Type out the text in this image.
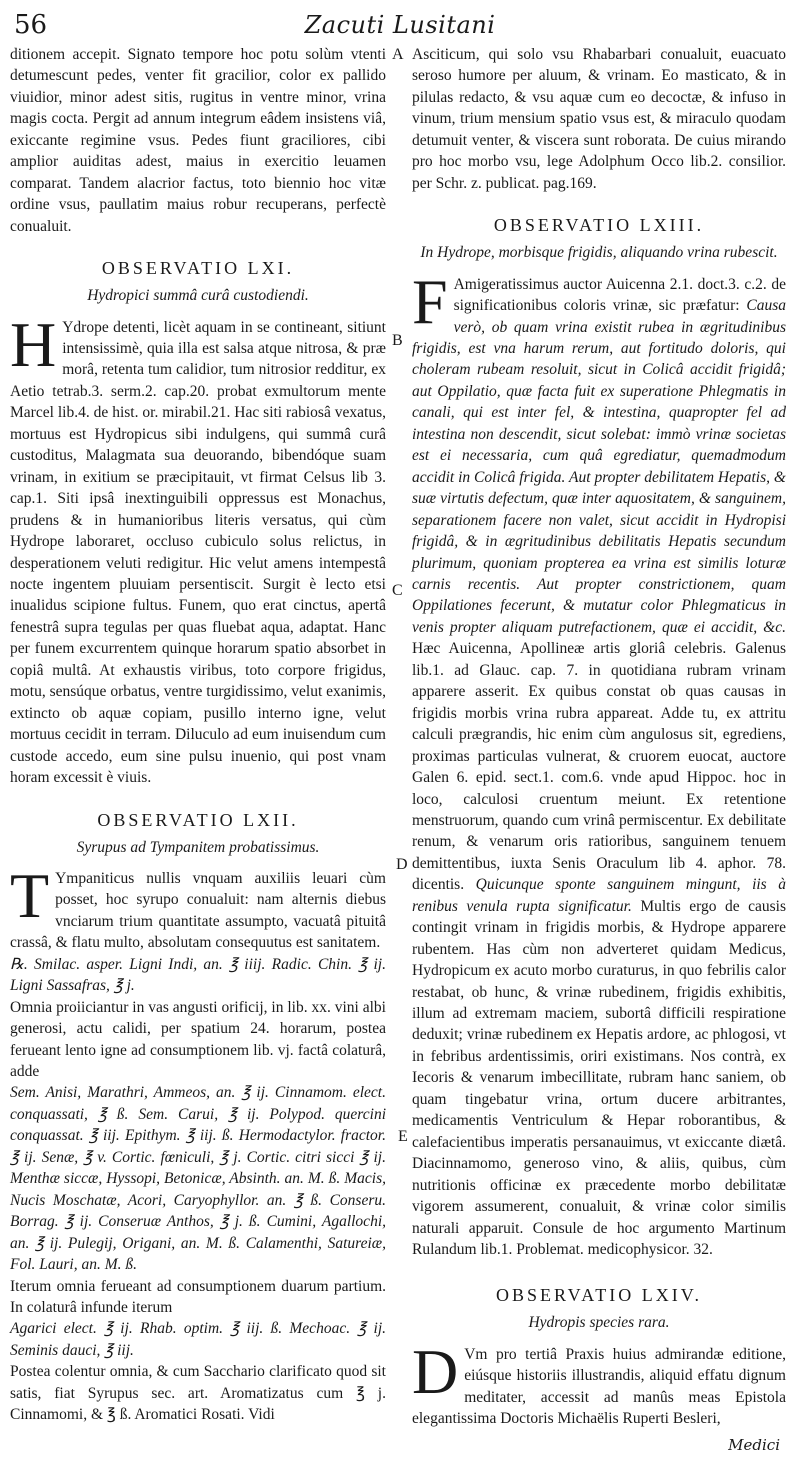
56	Zacuti Lusitani
A
B
C
D
E

ditionem accepit. Signato tempore hoc potu solùm vtenti detumescunt pedes, venter fit gracilior, color ex pallido viuidior, minor adest sitis, rugitus in ventre minor, vrina magis cocta. Pergit ad annum integrum eâdem insistens viâ, exiccante regimine vsus. Pedes fiunt graciliores, cibi amplior auiditas adest, maius in exercitio leuamen comparat. Tandem alacrior factus, toto biennio hoc vitæ ordine vsus, paullatim maius robur recuperans, perfectè conualuit.

OBSERVATIO LXI.
Hydropici summâ curâ custodiendi.
H Ydrope detenti, licèt aquam in se contineant, sitiunt intensissimè, quia illa est salsa atque nitrosa, & præ morâ, retenta tum calidior, tum nitrosior redditur, ex Aetio tetrab.3. serm.2. cap.20. probat exmultorum mente Marcel lib.4. de hist. or. mirabil.21. Hac siti rabiosâ vexatus, mortuus est Hydropicus sibi indulgens, qui summâ curâ custoditus, Malagmata sua deuorando, bibendóque suam vrinam, in exitium se præcipitauit, vt firmat Celsus lib 3. cap.1. Siti ipsâ inextinguibili oppressus est Monachus, prudens & in humanioribus literis versatus, qui cùm Hydrope laboraret, occluso cubiculo solus relictus, in desperationem veluti redigitur. Hic velut amens intempestâ nocte ingentem pluuiam persentiscit. Surgit è lecto etsi inualidus scipione fultus. Funem, quo erat cinctus, apertâ fenestrâ supra tegulas per quas fluebat aqua, adaptat. Hanc per funem excurrentem quinque horarum spatio absorbet in copiâ multâ. At exhaustis viribus, toto corpore frigidus, motu, sensúque orbatus, ventre turgidissimo, velut exanimis, extincto ob aquæ copiam, pusillo interno igne, velut mortuus cecidit in terram. Diluculo ad eum inuisendum cum custode accedo, eum sine pulsu inuenio, qui post vnam horam excessit è viuis.
OBSERVATIO LXII.
Syrupus ad Tympanitem probatissimus.
T Ympaniticus nullis vnquam auxiliis leuari cùm posset, hoc syrupo conualuit: nam alternis diebus vnciarum trium quantitate assumpto, vacuatâ pituitâ crassâ, & flatu multo, absolutam consequutus est sanitatem.

℞. Smilac. asper. Ligni Indi, an. ℥ iiij. Radic. Chin. ℥ ij. Ligni Sassafras, ℥ j.

Omnia proiiciantur in vas angusti orificij, in lib. xx. vini albi generosi, actu calidi, per spatium 24. horarum, postea ferueant lento igne ad consumptionem lib. vj. factâ colaturâ, adde

Sem. Anisi, Marathri, Ammeos, an. ℥ ij. Cinnamom. elect. conquassati, ℥ ß. Sem. Carui, ℥ ij. Polypod. quercini conquassat. ℥ iij. Epithym. ℥ iij. ß. Hermodactylor. fractor. ℥ ij. Senæ, ℥ v. Cortic. fœniculi, ℥ j. Cortic. citri sicci ℥ ij. Menthæ siccæ, Hyssopi, Betonicæ, Absinth. an. M. ß. Macis, Nucis Moschatæ, Acori, Caryophyllor. an. ℥ ß. Conseru. Borrag. ℥ ij. Conseruæ Anthos, ℥ j. ß. Cumini, Agallochi, an. ℥ ij. Pulegij, Origani, an. M. ß. Calamenthi, Satureiæ, Fol. Lauri, an. M. ß.

Iterum omnia ferueant ad consumptionem duarum partium. In colaturâ infunde iterum

Agarici elect. ℥ ij. Rhab. optim. ℥ iij. ß. Mechoac. ℥ ij. Seminis dauci, ℥ iij.

Postea colentur omnia, & cum Sacchario clarificato quod sit satis, fiat Syrupus sec. art. Aromatizatus cum ℥ j. Cinnamomi, & ℥ ß. Aromatici Rosati. Vidi

Asciticum, qui solo vsu Rhabarbari conualuit, euacuato seroso humore per aluum, & vrinam. Eo masticato, & in pilulas redacto, & vsu aquæ cum eo decoctæ, & infuso in vinum, trium mensium spatio vsus est, & miraculo quodam detumuit venter, & viscera sunt roborata. De cuius mirando pro hoc morbo vsu, lege Adolphum Occo lib.2. consilior. per Schr. z. publicat. pag.169.

OBSERVATIO LXIII.
In Hydrope, morbisque frigidis, aliquando vrina rubescit.
F Amigeratissimus auctor Auicenna 2.1. doct.3. c.2. de significationibus coloris vrinæ, sic præfatur: Causa verò, ob quam vrina existit rubea in ægritudinibus frigidis, est vna harum rerum, aut fortitudo doloris, qui choleram rubeam resoluit, sicut in Colicâ accidit frigidâ; aut Oppilatio, quæ facta fuit ex superatione Phlegmatis in canali, qui est inter fel, & intestina, quapropter fel ad intestina non descendit, sicut solebat: immò vrinæ societas est ei necessaria, cum quâ egrediatur, quemadmodum accidit in Colicâ frigida. Aut propter debilitatem Hepatis, & suæ virtutis defectum, quæ inter aquositatem, & sanguinem, separationem facere non valet, sicut accidit in Hydropisi frigidâ, & in ægritudinibus debilitatis Hepatis secundum plurimum, quoniam propterea ea vrina est similis loturæ carnis recentis. Aut propter constrictionem, quam Oppilationes fecerunt, & mutatur color Phlegmaticus in venis propter aliquam putrefactionem, quæ ei accidit, &c. Hæc Auicenna, Apollineæ artis gloriâ celebris. Galenus lib.1. ad Glauc. cap. 7. in quotidiana rubram vrinam apparere asserit. Ex quibus constat ob quas causas in frigidis morbis vrina rubra appareat. Adde tu, ex attritu calculi prægrandis, hic enim cùm angulosus sit, egrediens, proximas particulas vulnerat, & cruorem euocat, auctore Galen 6. epid. sect.1. com.6. vnde apud Hippoc. hoc in loco, calculosi cruentum meiunt. Ex retentione menstruorum, quando cum vrinâ permiscentur. Ex debilitate renum, & venarum oris ratioribus, sanguinem tenuem demittentibus, iuxta Senis Oraculum lib 4. aphor. 78. dicentis. Quicunque sponte sanguinem mingunt, iis à renibus venula rupta significatur. Multis ergo de causis contingit vrinam in frigidis morbis, & Hydrope apparere rubentem. Has cùm non adverteret quidam Medicus, Hydropicum ex acuto morbo curaturus, in quo febrilis calor restabat, ob hunc, & vrinæ rubedinem, frigidis exhibitis, illum ad extremam maciem, subortâ difficili respiratione deduxit; vrinæ rubedinem ex Hepatis ardore, ac phlogosi, vt in febribus ardentissimis, oriri existimans. Nos contrà, ex Iecoris & venarum imbecillitate, rubram hanc saniem, ob quam tingebatur vrina, ortum ducere arbitrantes, medicamentis Ventriculum & Hepar roborantibus, & calefacientibus imperatis persanauimus, vt exiccante diætâ. Diacinnamomo, generoso vino, & aliis, quibus, cùm nutritionis officinæ ex præcedente morbo debilitatæ vigorem assumerent, conualuit, & vrinæ color similis naturali apparuit. Consule de hoc argumento Martinum Rulandum lib.1. Problemat. medicophysicor. 32.
OBSERVATIO LXIV.
Hydropis species rara.
D Vm pro tertiâ Praxis huius admirandæ editione, eiúsque historiis illustrandis, aliquid effatu dignum meditater, accessit ad manûs meas Epistola elegantissima Doctoris Michaëlis Ruperti Besleri,
Medici
